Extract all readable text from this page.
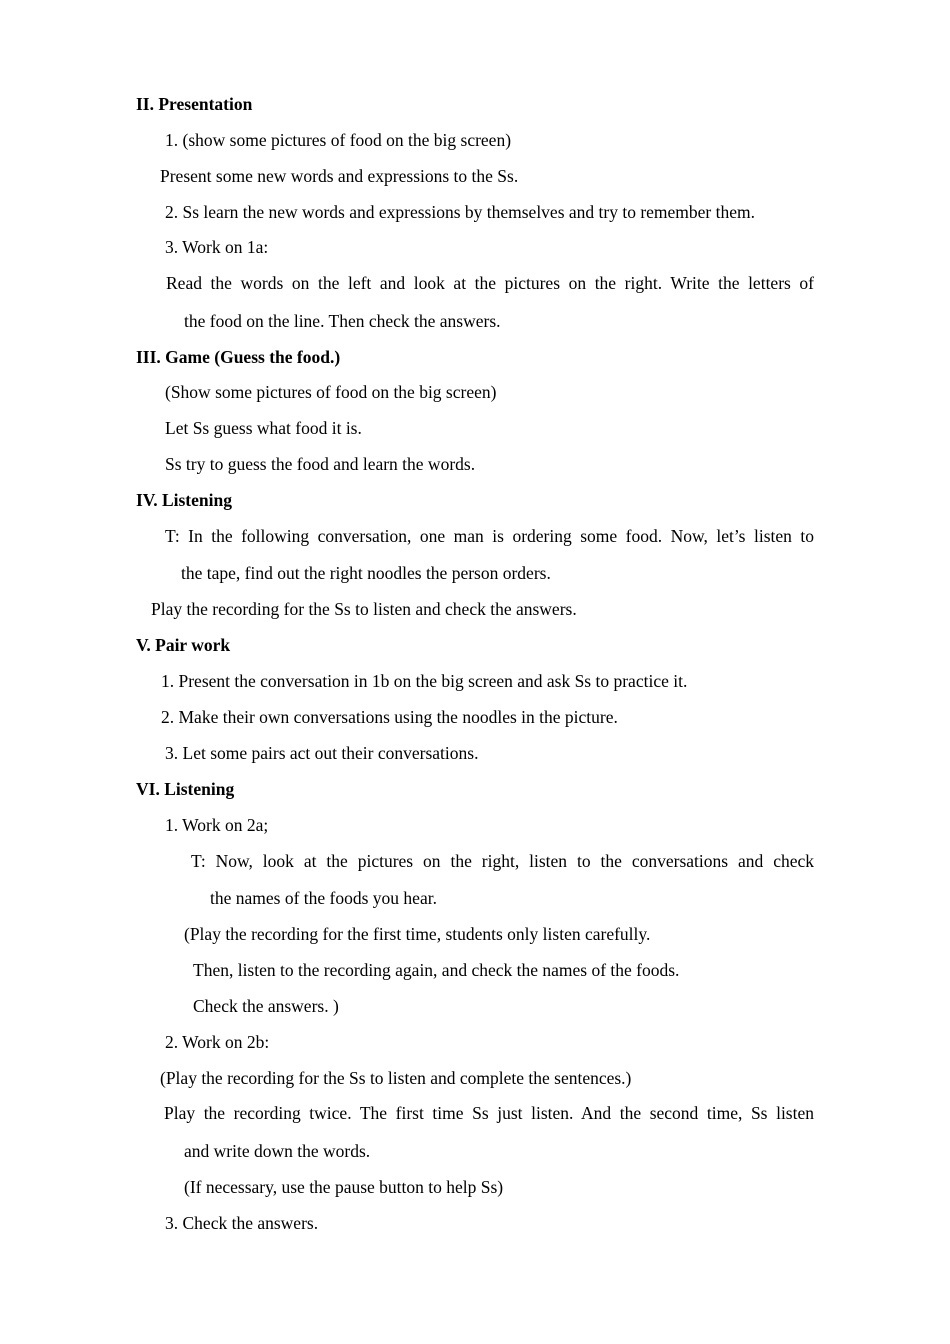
II. Presentation
1. (show some pictures of food on the big screen)
Present some new words and expressions to the Ss.
2. Ss learn the new words and expressions by themselves and try to remember them.
3. Work on 1a:
Read the words on the left and look at the pictures on the right. Write the letters of
the food on the line. Then check the answers.
III. Game (Guess the food.)
(Show some pictures of food on the big screen)
Let Ss guess what food it is.
Ss try to guess the food and learn the words.
IV. Listening
T: In the following conversation, one man is ordering some food. Now, let’s listen to
the tape, find out the right noodles the person orders.
Play the recording for the Ss to listen and check the answers.
V. Pair work
1. Present the conversation in 1b on the big screen and ask Ss to practice it.
2. Make their own conversations using the noodles in the picture.
3. Let some pairs act out their conversations.
VI. Listening
1. Work on 2a;
T: Now, look at the pictures on the right, listen to the conversations and check
the names of the foods you hear.
(Play the recording for the first time, students only listen carefully.
Then, listen to the recording again, and check the names of the foods.
Check the answers. )
2. Work on 2b:
(Play the recording for the Ss to listen and complete the sentences.)
Play the recording twice. The first time Ss just listen. And the second time, Ss listen
and write down the words.
(If necessary, use the pause button to help Ss)
3. Check the answers.
